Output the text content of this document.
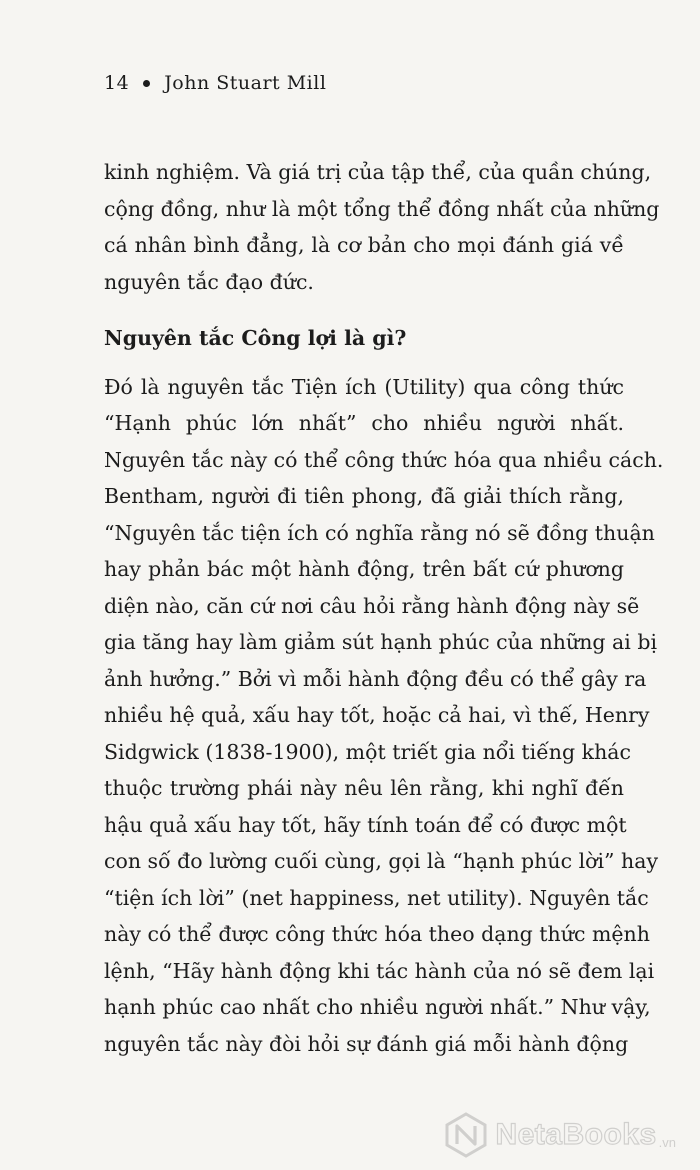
14 John Stuart Mill
kinh nghiệm. Và giá trị của tập thể, của quần chúng,
cộng đồng, như là một tổng thể đồng nhất của những
cá nhân bình đẳng, là cơ bản cho mọi đánh giá về
nguyên tắc đạo đức.
Nguyên tắc Công lợi là gì?
Đó là nguyên tắc Tiện ích (Utility) qua công thức
“Hạnh phúc lớn nhất” cho nhiều người nhất.
Nguyên tắc này có thể công thức hóa qua nhiều cách.
Bentham, người đi tiên phong, đã giải thích rằng,
“Nguyên tắc tiện ích có nghĩa rằng nó sẽ đồng thuận
hay phản bác một hành động, trên bất cứ phương
diện nào, căn cứ nơi câu hỏi rằng hành động này sẽ
gia tăng hay làm giảm sút hạnh phúc của những ai bị
ảnh hưởng.” Bởi vì mỗi hành động đều có thể gây ra
nhiều hệ quả, xấu hay tốt, hoặc cả hai, vì thế, Henry
Sidgwick (1838-1900), một triết gia nổi tiếng khác
thuộc trường phái này nêu lên rằng, khi nghĩ đến
hậu quả xấu hay tốt, hãy tính toán để có được một
con số đo lường cuối cùng, gọi là “hạnh phúc lời” hay
“tiện ích lời” (net happiness, net utility). Nguyên tắc
này có thể được công thức hóa theo dạng thức mệnh
lệnh, “Hãy hành động khi tác hành của nó sẽ đem lại
hạnh phúc cao nhất cho nhiều người nhất.” Như vậy,
nguyên tắc này đòi hỏi sự đánh giá mỗi hành động
NetaBooks .vn
